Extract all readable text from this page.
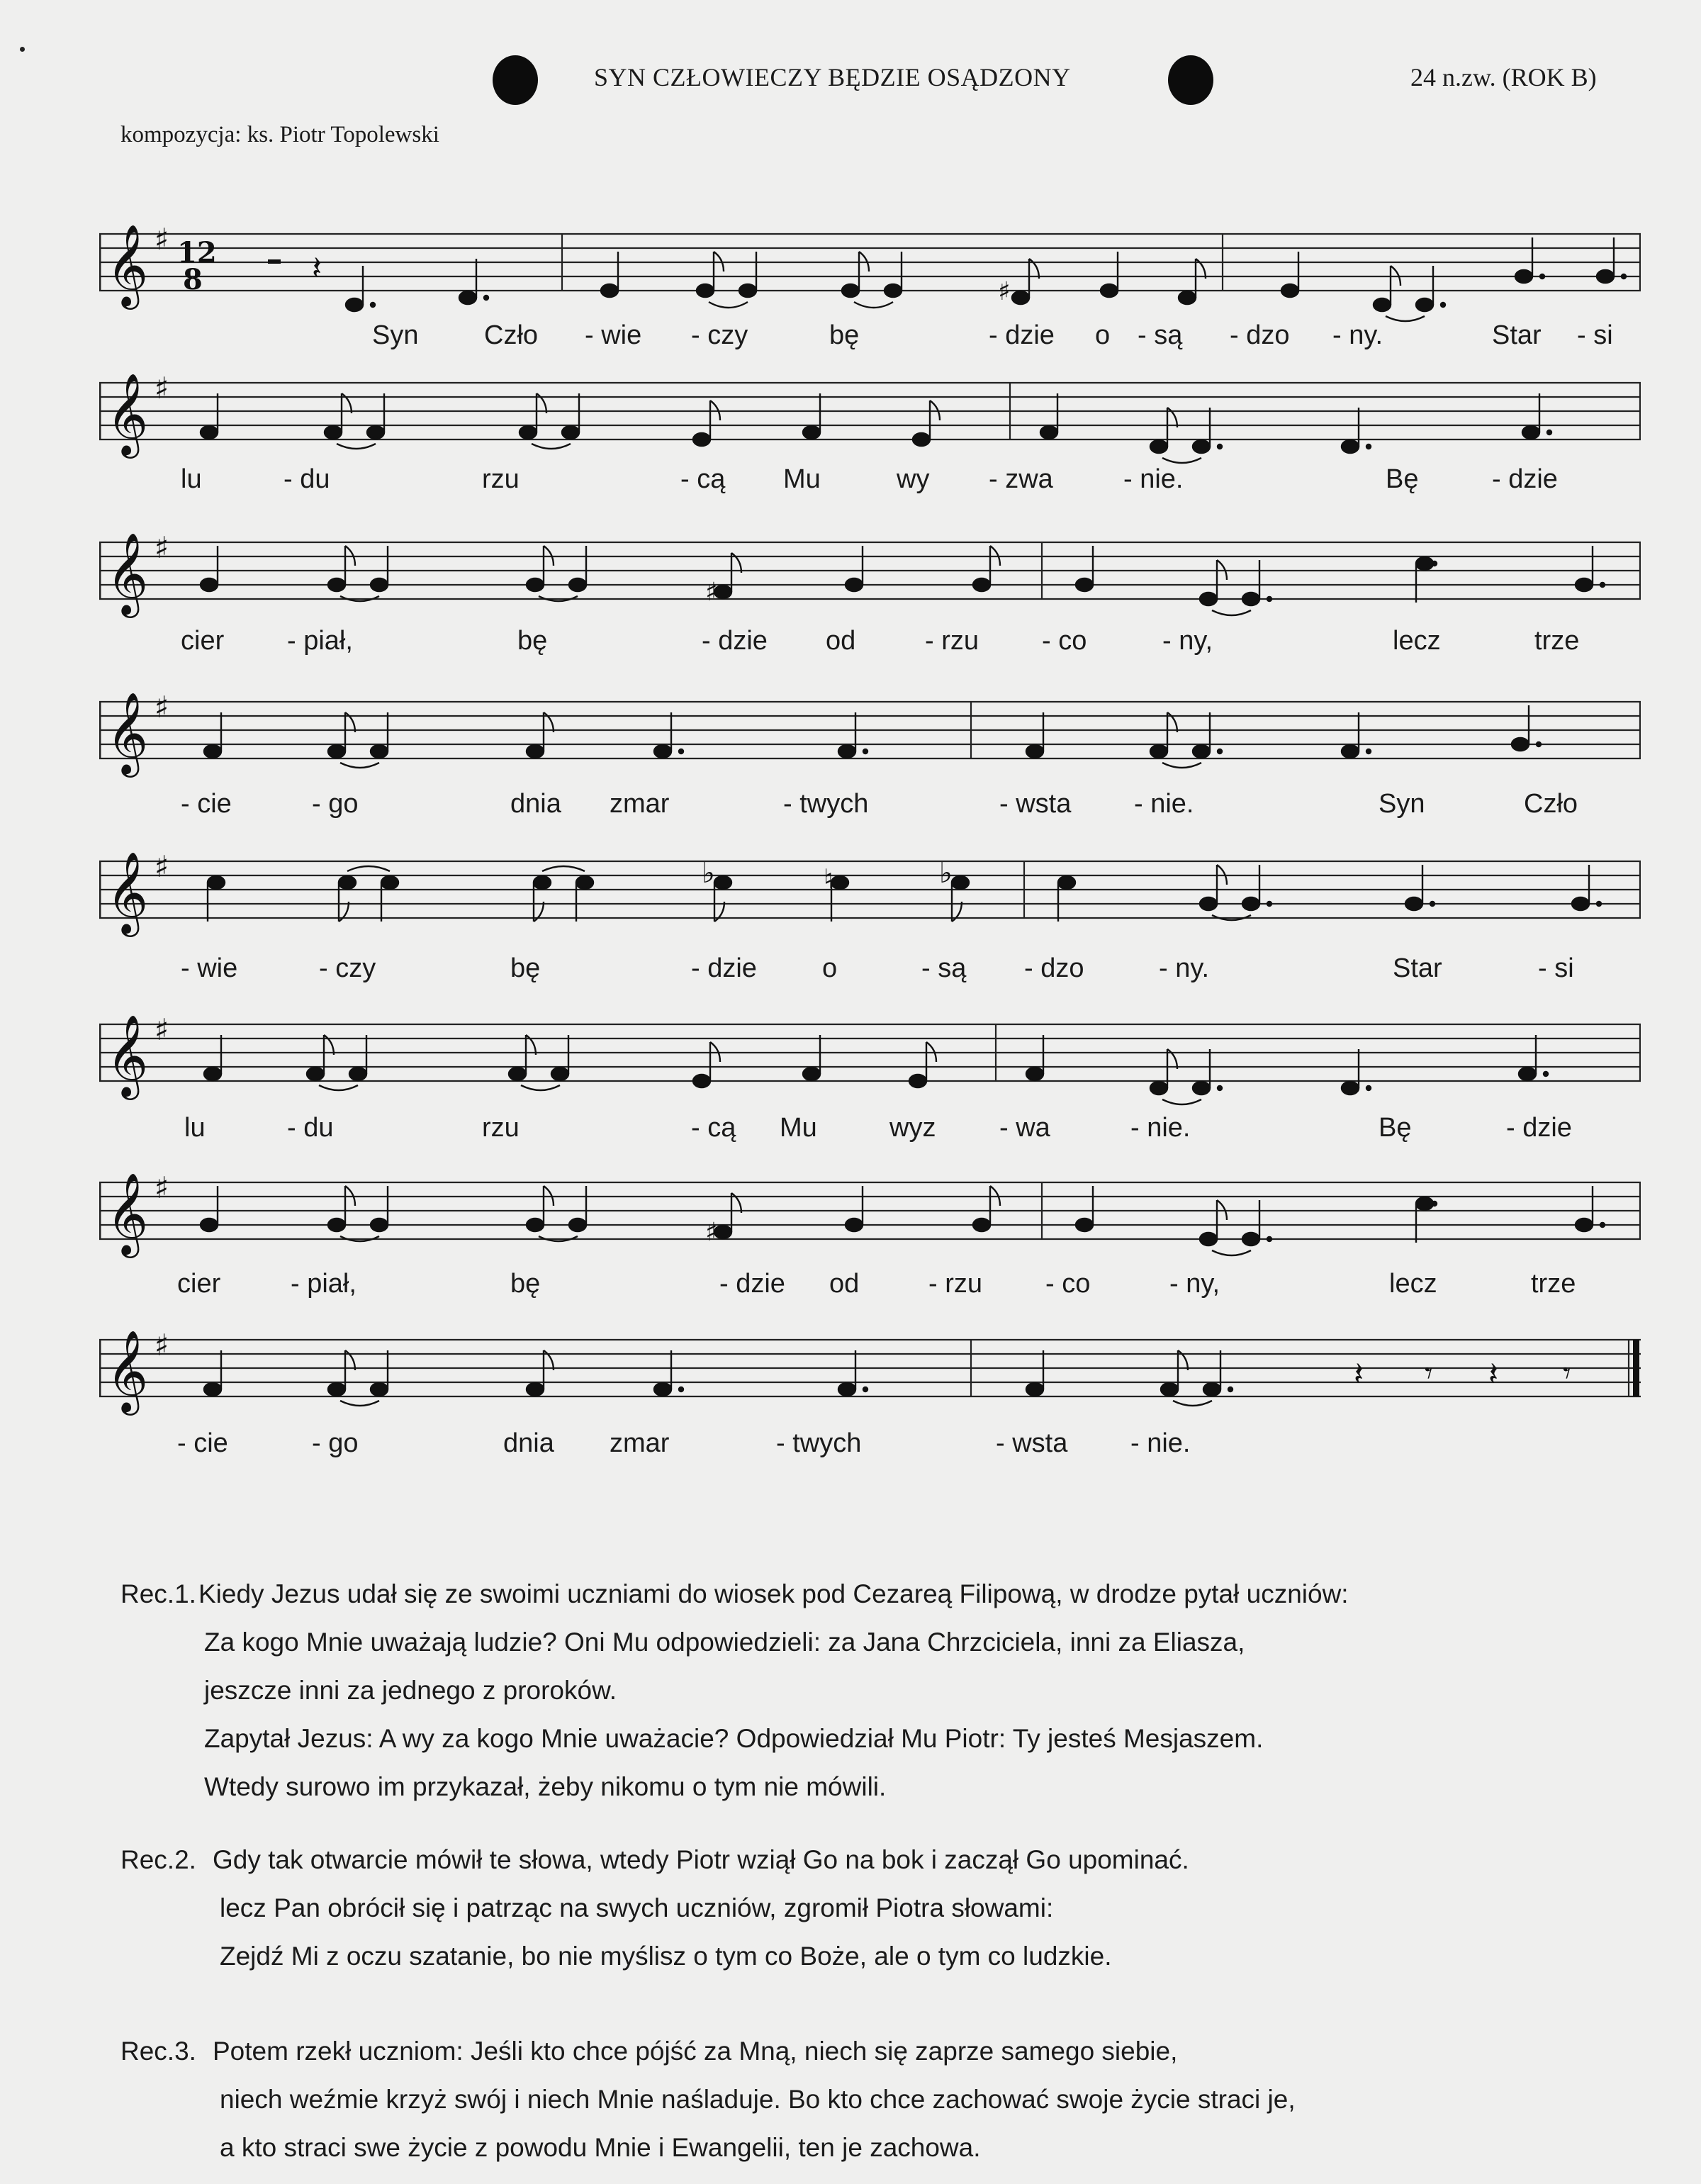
SYN CZŁOWIECZY BĘDZIE OSĄDZONY	24 n.zw. (ROK B)
kompozycja: ks. Piotr Topolewski
𝄞 ♯ 12
8	𝄽
♯
Syn Czło - wie - czy	bę	- dzie o - są - dzo - ny.	Star - si
𝄞 ♯
lu	- du	rzu	- cą Mu	wy - zwa	- nie.	Bę	- dzie
𝄞 ♯
♯
cier - piał,	bę	- dzie od	- rzu - co	- ny,	lecz	trze
𝄞 ♯
- cie	- go	dnia zmar	- twych	- wsta - nie.	Syn	Czło
𝄞 ♯	♭	♮	♭
- wie	- czy	bę	- dzie o	- są - dzo	- ny.	Star	- si
𝄞 ♯
lu	- du	rzu	- cą Mu	wyz - wa	- nie.	Bę	- dzie
𝄞 ♯
♯
cier	- piał,	bę	- dzie od	- rzu - co	- ny,	lecz	trze
𝄞 ♯
𝄽 𝄾 𝄽 𝄾
- cie	- go	dnia zmar	- twych	- wsta - nie.
Rec.1. Kiedy Jezus udał się ze swoimi uczniami do wiosek pod Cezareą Filipową, w drodze pytał uczniów:
Za kogo Mnie uważają ludzie? Oni Mu odpowiedzieli: za Jana Chrzciciela, inni za Eliasza,
jeszcze inni za jednego z proroków.
Zapytał Jezus: A wy za kogo Mnie uważacie? Odpowiedział Mu Piotr: Ty jesteś Mesjaszem.
Wtedy surowo im przykazał, żeby nikomu o tym nie mówili.
Rec.2. Gdy tak otwarcie mówił te słowa, wtedy Piotr wziął Go na bok i zaczął Go upominać.
lecz Pan obrócił się i patrząc na swych uczniów, zgromił Piotra słowami:
Zejdź Mi z oczu szatanie, bo nie myślisz o tym co Boże, ale o tym co ludzkie.
Rec.3. Potem rzekł uczniom: Jeśli kto chce pójść za Mną, niech się zaprze samego siebie,
niech weźmie krzyż swój i niech Mnie naśladuje. Bo kto chce zachować swoje życie straci je,
a kto straci swe życie z powodu Mnie i Ewangelii, ten je zachowa.
